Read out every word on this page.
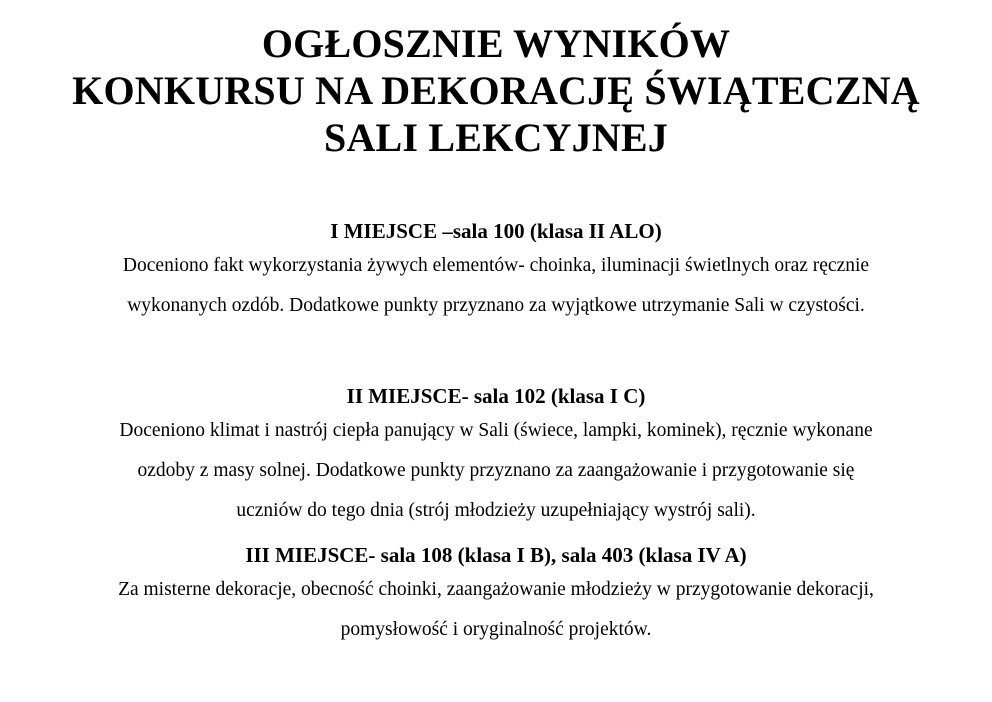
OGŁOSZNIE WYNIKÓW
KONKURSU NA DEKORACJĘ ŚWIĄTECZNĄ
SALI LEKCYJNEJ
I MIEJSCE –sala 100 (klasa II ALO)
Doceniono fakt wykorzystania żywych elementów- choinka, iluminacji świetlnych oraz ręcznie
wykonanych ozdób. Dodatkowe punkty przyznano za wyjątkowe utrzymanie Sali w czystości.
II MIEJSCE- sala 102 (klasa I C)
Doceniono klimat i nastrój ciepła panujący w Sali (świece, lampki, kominek), ręcznie wykonane
ozdoby z masy solnej. Dodatkowe punkty przyznano za zaangażowanie i przygotowanie się
uczniów do tego dnia (strój młodzieży uzupełniający wystrój sali).
III MIEJSCE- sala 108 (klasa I B), sala 403 (klasa IV A)
Za misterne dekoracje, obecność choinki, zaangażowanie młodzieży w przygotowanie dekoracji,
pomysłowość i oryginalność projektów.
